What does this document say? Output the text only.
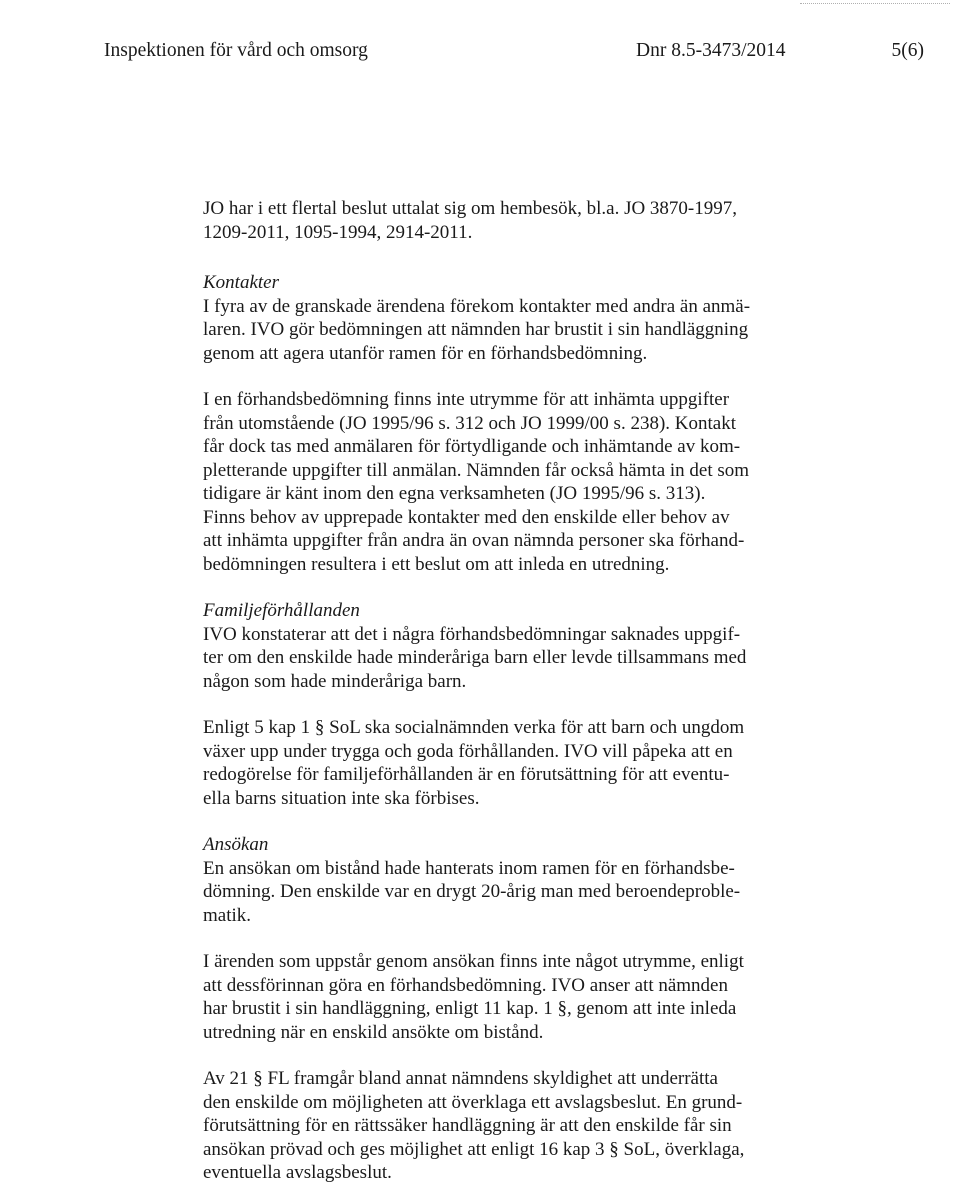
Inspektionen för vård och omsorg	Dnr 8.5-3473/2014	5(6)
JO har i ett flertal beslut uttalat sig om hembesök, bl.a. JO 3870-1997,
1209-2011, 1095-1994, 2914-2011.
Kontakter
I fyra av de granskade ärendena förekom kontakter med andra än anmä-
laren. IVO gör bedömningen att nämnden har brustit i sin handläggning
genom att agera utanför ramen för en förhandsbedömning.
I en förhandsbedömning finns inte utrymme för att inhämta uppgifter
från utomstående (JO 1995/96 s. 312 och JO 1999/00 s. 238). Kontakt
får dock tas med anmälaren för förtydligande och inhämtande av kom-
pletterande uppgifter till anmälan. Nämnden får också hämta in det som
tidigare är känt inom den egna verksamheten (JO 1995/96 s. 313).
Finns behov av upprepade kontakter med den enskilde eller behov av
att inhämta uppgifter från andra än ovan nämnda personer ska förhand-
bedömningen resultera i ett beslut om att inleda en utredning.
Familjeförhållanden
IVO konstaterar att det i några förhandsbedömningar saknades uppgif-
ter om den enskilde hade minderåriga barn eller levde tillsammans med
någon som hade minderåriga barn.
Enligt 5 kap 1 § SoL ska socialnämnden verka för att barn och ungdom
växer upp under trygga och goda förhållanden. IVO vill påpeka att en
redogörelse för familjeförhållanden är en förutsättning för att eventu-
ella barns situation inte ska förbises.
Ansökan
En ansökan om bistånd hade hanterats inom ramen för en förhandsbe-
dömning. Den enskilde var en drygt 20-årig man med beroendeproble-
matik.
I ärenden som uppstår genom ansökan finns inte något utrymme, enligt
att dessförinnan göra en förhandsbedömning. IVO anser att nämnden
har brustit i sin handläggning, enligt 11 kap. 1 §, genom att inte inleda
utredning när en enskild ansökte om bistånd.
Av 21 § FL framgår bland annat nämndens skyldighet att underrätta
den enskilde om möjligheten att överklaga ett avslagsbeslut. En grund-
förutsättning för en rättssäker handläggning är att den enskilde får sin
ansökan prövad och ges möjlighet att enligt 16 kap 3 § SoL, överklaga,
eventuella avslagsbeslut.
